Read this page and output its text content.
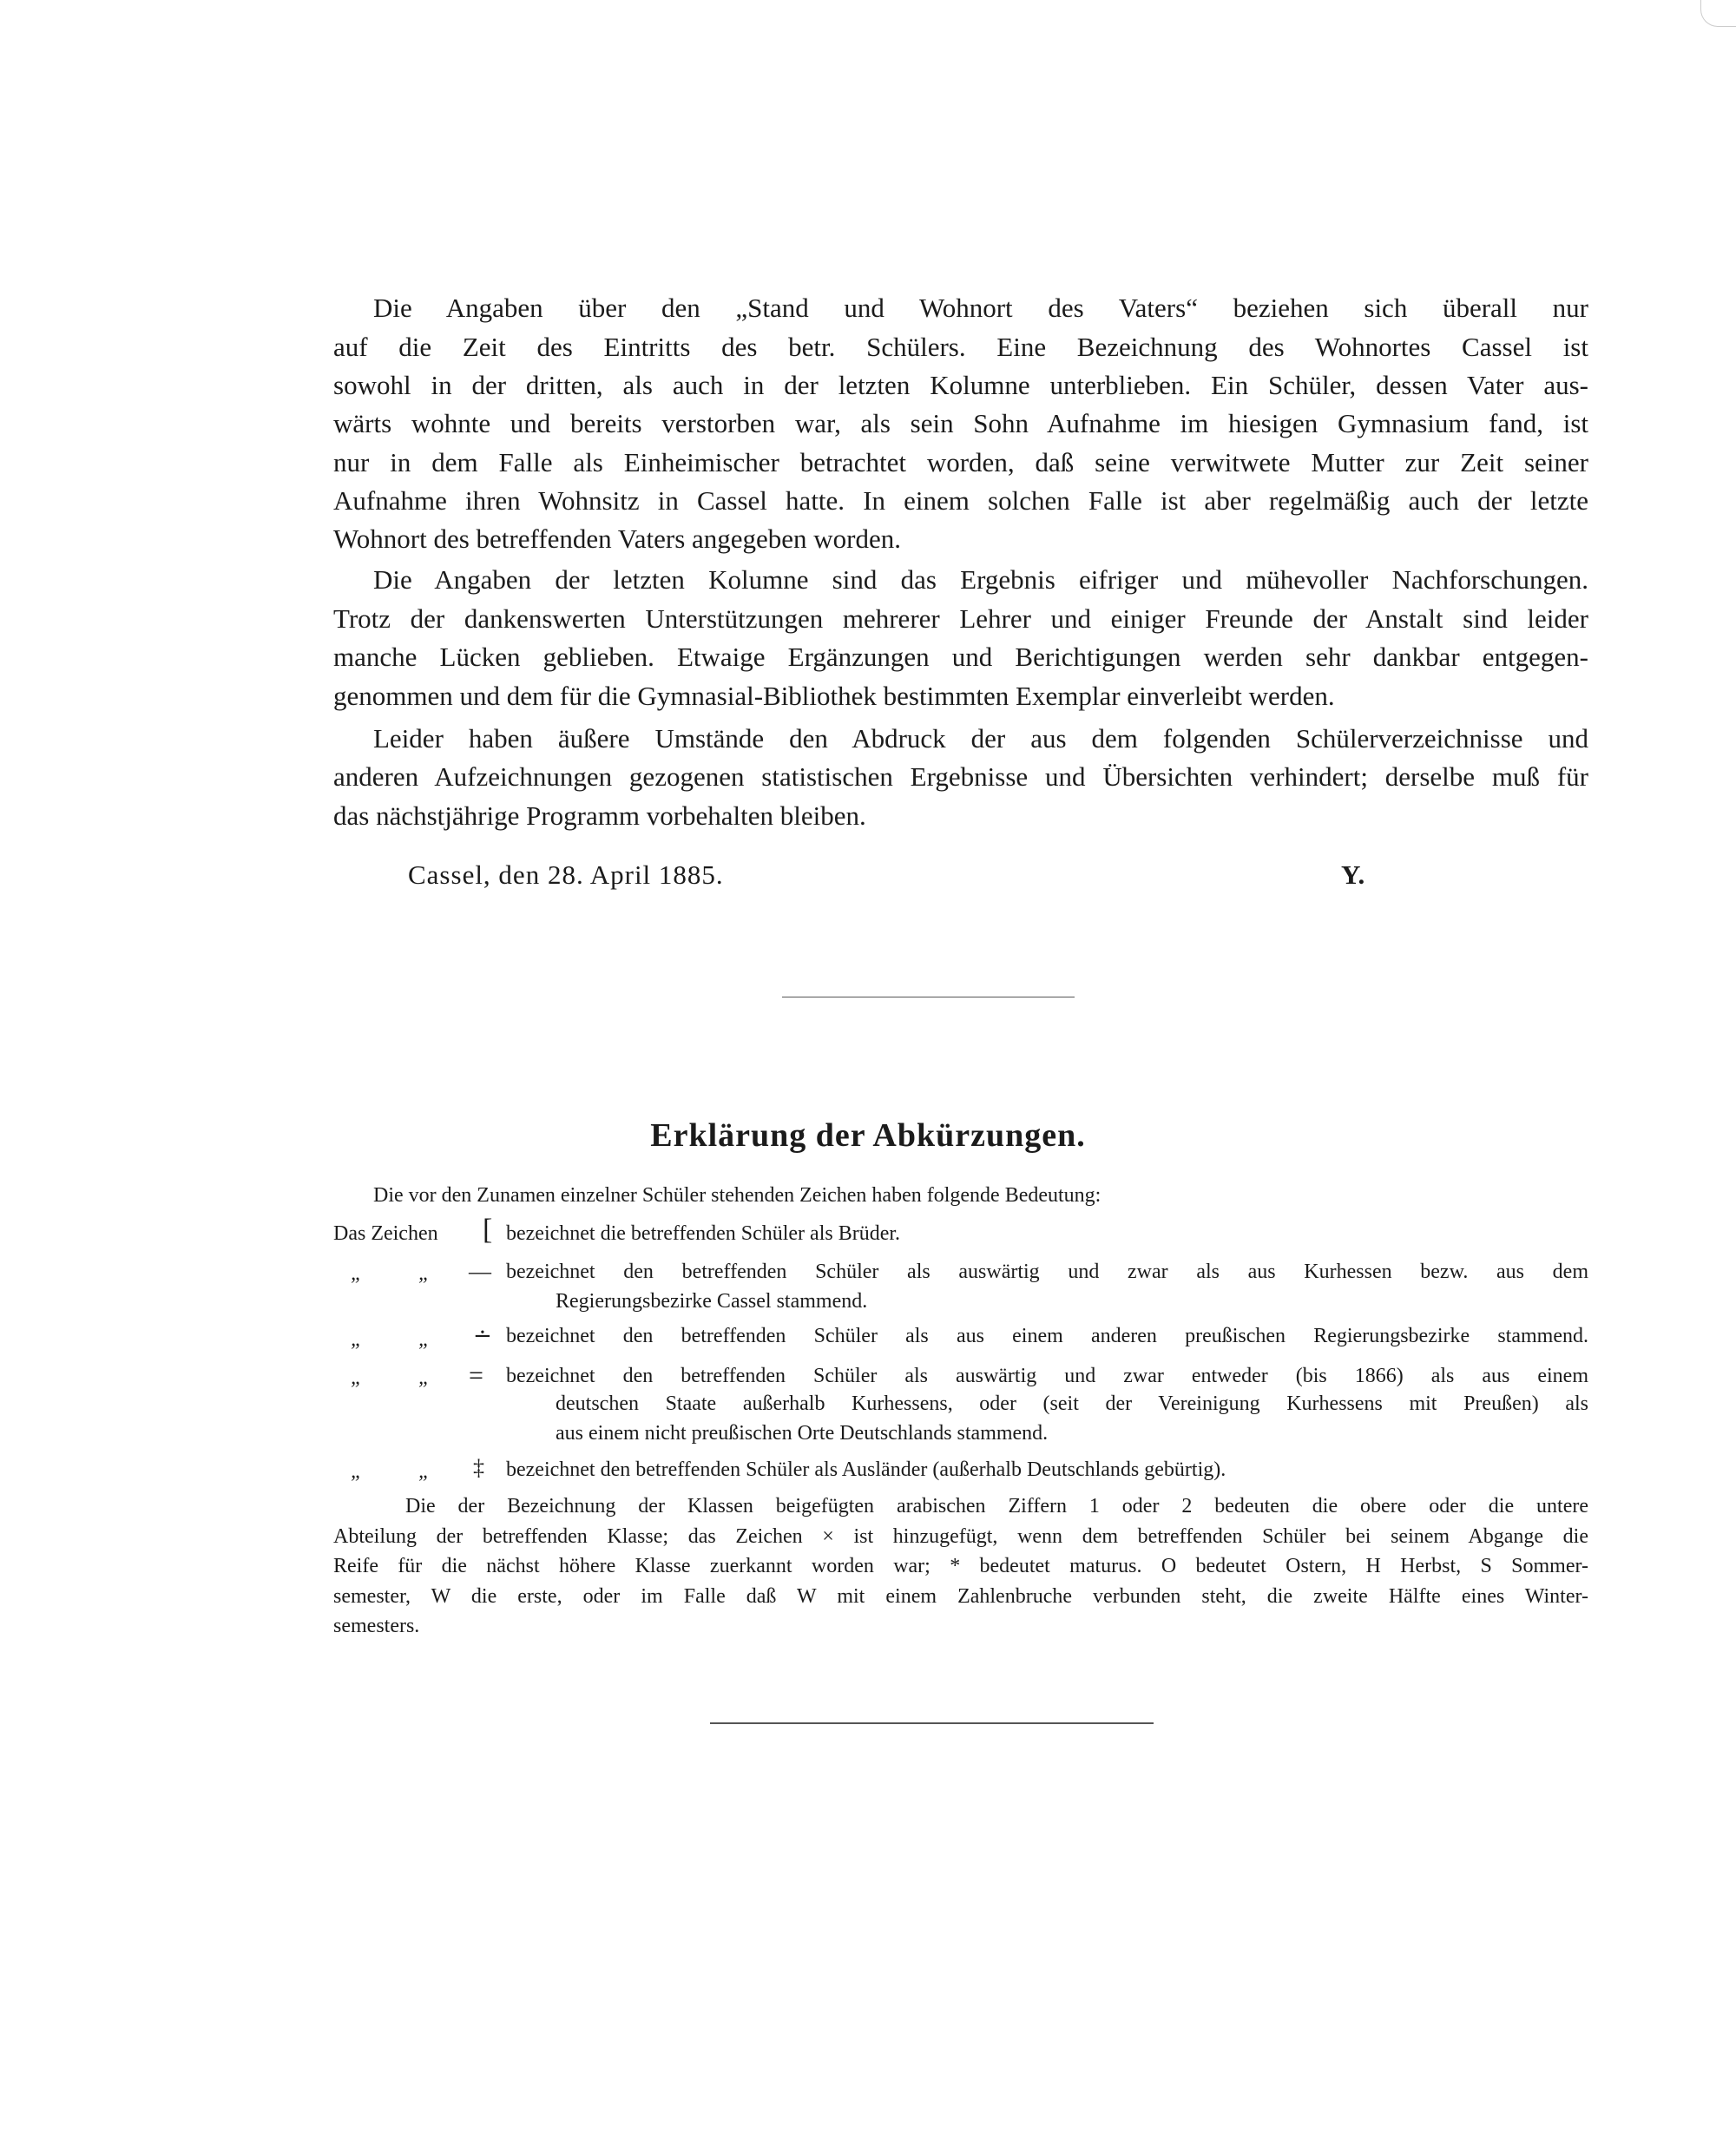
Die Angaben über den „Stand und Wohnort des Vaters“ beziehen sich überall nur
auf die Zeit des Eintritts des betr. Schülers. Eine Bezeichnung des Wohnortes Cassel ist
sowohl in der dritten, als auch in der letzten Kolumne unterblieben. Ein Schüler, dessen Vater aus-
wärts wohnte und bereits verstorben war, als sein Sohn Aufnahme im hiesigen Gymnasium fand, ist
nur in dem Falle als Einheimischer betrachtet worden, daß seine verwitwete Mutter zur Zeit seiner
Aufnahme ihren Wohnsitz in Cassel hatte. In einem solchen Falle ist aber regelmäßig auch der letzte
Wohnort des betreffenden Vaters angegeben worden.
Die Angaben der letzten Kolumne sind das Ergebnis eifriger und mühevoller Nachforschungen.
Trotz der dankenswerten Unterstützungen mehrerer Lehrer und einiger Freunde der Anstalt sind leider
manche Lücken geblieben. Etwaige Ergänzungen und Berichtigungen werden sehr dankbar entgegen-
genommen und dem für die Gymnasial-Bibliothek bestimmten Exemplar einverleibt werden.
Leider haben äußere Umstände den Abdruck der aus dem folgenden Schülerverzeichnisse und
anderen Aufzeichnungen gezogenen statistischen Ergebnisse und Übersichten verhindert; derselbe muß für
das nächstjährige Programm vorbehalten bleiben.
Cassel, den 28. April 1885.	Y.
Erklärung der Abkürzungen.
Die vor den Zunamen einzelner Schüler stehenden Zeichen haben folgende Bedeutung:
Das Zeichen [ bezeichnet die betreffenden Schüler als Brüder.
„	„ — bezeichnet den betreffenden Schüler als auswärtig und zwar als aus Kurhessen bezw. aus dem
Regierungsbezirke Cassel stammend.
„	„ ∸ bezeichnet den betreffenden Schüler als aus einem anderen preußischen Regierungsbezirke stammend.
„	„ = bezeichnet den betreffenden Schüler als auswärtig und zwar entweder (bis 1866) als aus einem
deutschen Staate außerhalb Kurhessens, oder (seit der Vereinigung Kurhessens mit Preußen) als
aus einem nicht preußischen Orte Deutschlands stammend.
„	„ ‡ bezeichnet den betreffenden Schüler als Ausländer (außerhalb Deutschlands gebürtig).
Die der Bezeichnung der Klassen beigefügten arabischen Ziffern 1 oder 2 bedeuten die obere oder die untere
Abteilung der betreffenden Klasse; das Zeichen × ist hinzugefügt, wenn dem betreffenden Schüler bei seinem Abgange die
Reife für die nächst höhere Klasse zuerkannt worden war; * bedeutet maturus. O bedeutet Ostern, H Herbst, S Sommer-
semester, W die erste, oder im Falle daß W mit einem Zahlenbruche verbunden steht, die zweite Hälfte eines Winter-
semesters.
